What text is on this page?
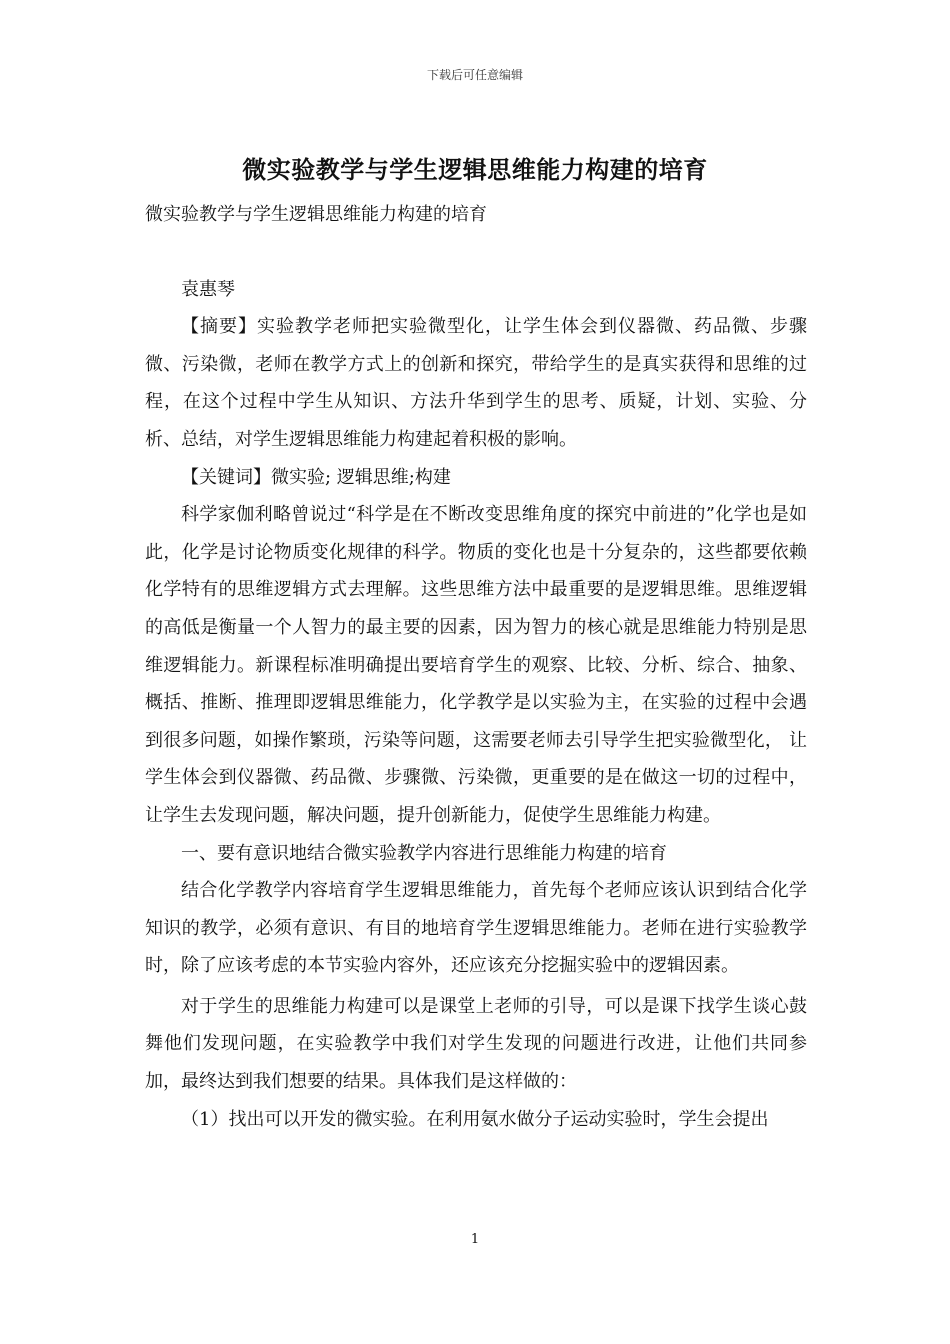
下载后可任意编辑
微实验教学与学生逻辑思维能力构建的培育

微实验教学与学生逻辑思维能力构建的培育

袁惠琴

【摘要】实验教学老师把实验微型化，让学生体会到仪器微、药品微、步骤微、污染微，老师在教学方式上的创新和探究，带给学生的是真实获得和思维的过程，在这个过程中学生从知识、方法升华到学生的思考、质疑，计划、实验、分析、总结，对学生逻辑思维能力构建起着积极的影响。

【关键词】微实验; 逻辑思维;构建

科学家伽利略曾说过“科学是在不断改变思维角度的探究中前进的”化学也是如此，化学是讨论物质变化规律的科学。物质的变化也是十分复杂的，这些都要依赖化学特有的思维逻辑方式去理解。这些思维方法中最重要的是逻辑思维。思维逻辑的高低是衡量一个人智力的最主要的因素，因为智力的核心就是思维能力特别是思维逻辑能力。新课程标准明确提出要培育学生的观察、比较、分析、综合、抽象、概括、推断、推理即逻辑思维能力，化学教学是以实验为主，在实验的过程中会遇到很多问题，如操作繁琐，污染等问题，这需要老师去引导学生把实验微型化， 让学生体会到仪器微、药品微、步骤微、污染微，更重要的是在做这一切的过程中，让学生去发现问题，解决问题，提升创新能力，促使学生思维能力构建。

一、要有意识地结合微实验教学内容进行思维能力构建的培育

结合化学教学内容培育学生逻辑思维能力，首先每个老师应该认识到结合化学知识的教学，必须有意识、有目的地培育学生逻辑思维能力。老师在进行实验教学时，除了应该考虑的本节实验内容外，还应该充分挖掘实验中的逻辑因素。

对于学生的思维能力构建可以是课堂上老师的引导，可以是课下找学生谈心鼓舞他们发现问题，在实验教学中我们对学生发现的问题进行改进，让他们共同参加，最终达到我们想要的结果。具体我们是这样做的：

（1）找出可以开发的微实验。在利用氨水做分子运动实验时，学生会提出

1
